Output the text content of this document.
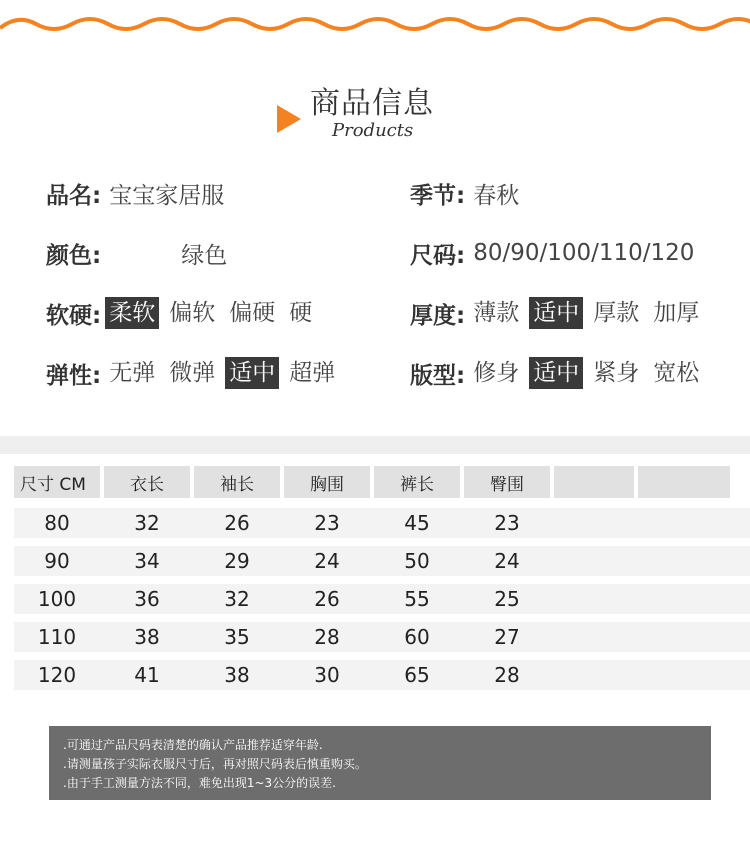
商品信息
Products
品名: 宝宝家居服	季节: 春秋
颜色:	绿色	尺码: 80/90/100/110/120
软硬: 柔软 偏软 偏硬 硬	厚度: 薄款 适中 厚款 加厚
弹性: 无弹 微弹 适中 超弹	版型: 修身 适中 紧身 宽松
尺寸 CM	衣长	袖长	胸围	裤长	臀围
80	32	26	23	45	23
90	34	29	24	50	24
100	36	32	26	55	25
110	38	35	28	60	27
120	41	38	30	65	28
.可通过产品尺码表清楚的确认产品推荐适穿年龄.
.请测量孩子实际衣服尺寸后，再对照尺码表后慎重购买。
.由于手工测量方法不同，难免出现1~3公分的误差.
